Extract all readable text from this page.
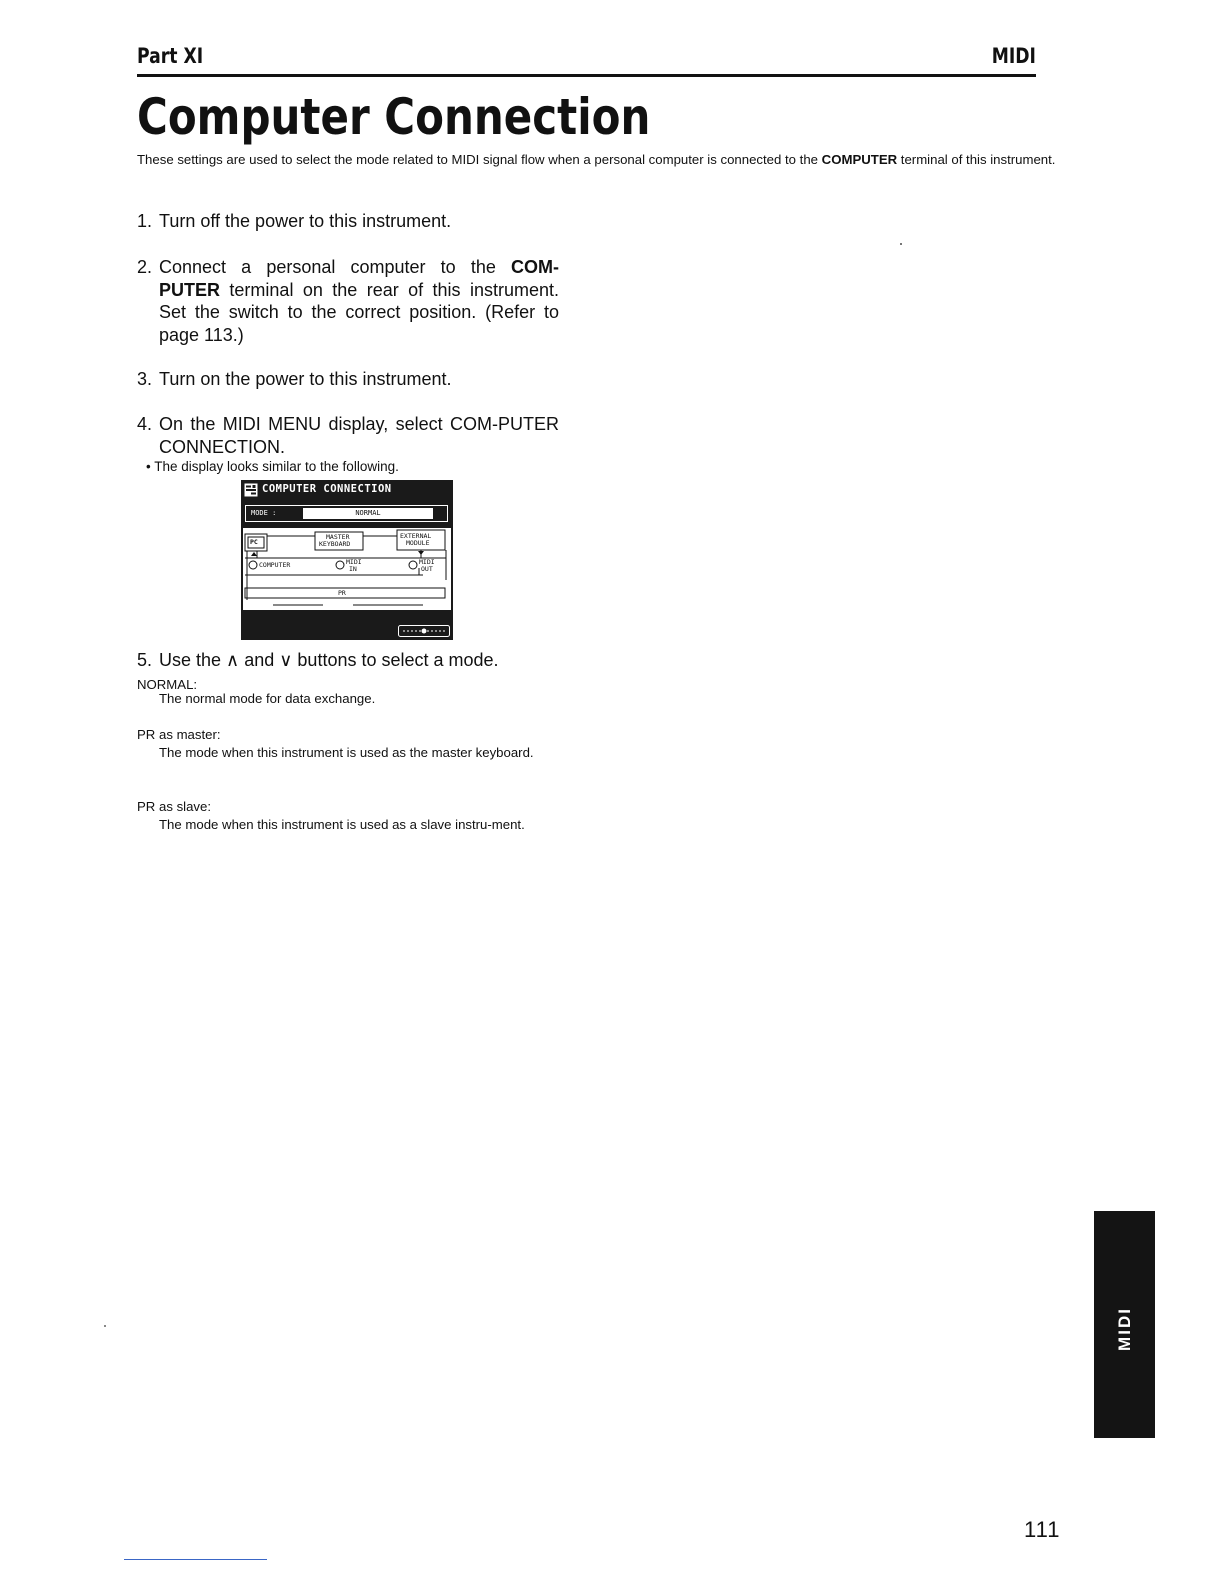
Part XI	MIDI
Computer Connection
These settings are used to select the mode related to MIDI signal flow when a personal computer is connected to the COMPUTER terminal of this instrument.
1. Turn off the power to this instrument.
2. Connect a personal computer to the COM-PUTER terminal on the rear of this instrument. Set the switch to the correct position. (Refer to page 113.)
3. Turn on the power to this instrument.
4. On the MIDI MENU display, select COM-PUTER CONNECTION.
• The display looks similar to the following.
COMPUTER CONNECTION
MODE :	NORMAL
PC
MASTER
KEYBOARD
EXTERNAL
MODULE
COMPUTER	MIDI
IN
MIDI
OUT
PR
5. Use the ∧ and ∨ buttons to select a mode.
NORMAL:
The normal mode for data exchange.
PR as master:
The mode when this instrument is used as the master keyboard.
PR as slave:
The mode when this instrument is used as a slave instru-ment.
MIDI
111
